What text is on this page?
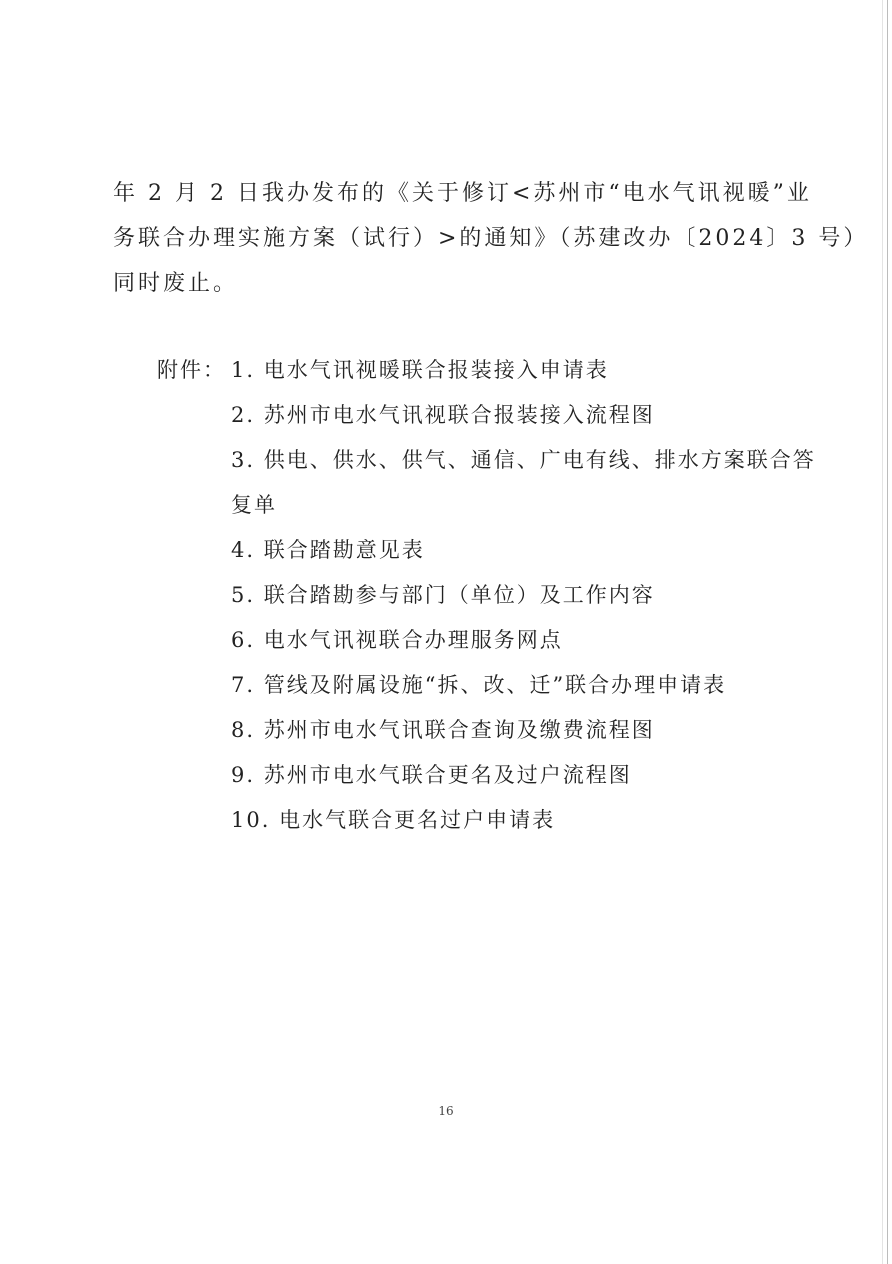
年 2 月 2 日我办发布的《关于修订<苏州市“电水气讯视暖”业
务联合办理实施方案（试行）>的通知》（苏建改办〔2024〕3 号）
同时废止。
附件： 1. 电水气讯视暖联合报装接入申请表
2. 苏州市电水气讯视联合报装接入流程图
3. 供电、供水、供气、通信、广电有线、排水方案联合答
复单
4. 联合踏勘意见表
5. 联合踏勘参与部门（单位）及工作内容
6. 电水气讯视联合办理服务网点
7. 管线及附属设施“拆、改、迁”联合办理申请表
8. 苏州市电水气讯联合查询及缴费流程图
9. 苏州市电水气联合更名及过户流程图
10. 电水气联合更名过户申请表
16
